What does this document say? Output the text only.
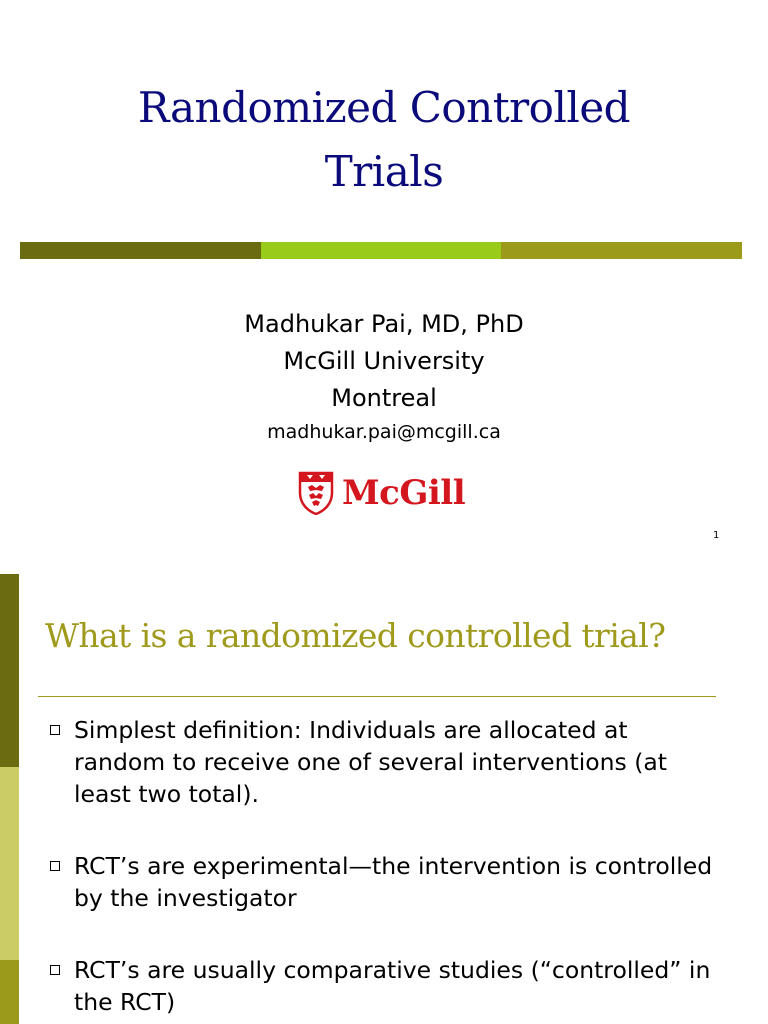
Randomized Controlled
Trials
Madhukar Pai, MD, PhD
McGill University
Montreal
madhukar.pai@mcgill.ca
McGill
1
What is a randomized controlled trial?
Simplest definition: Individuals are allocated at random to receive one of several interventions (at least two total).
RCT’s are experimental—the intervention is controlled by the investigator
RCT’s are usually comparative studies (“controlled” in the RCT)
